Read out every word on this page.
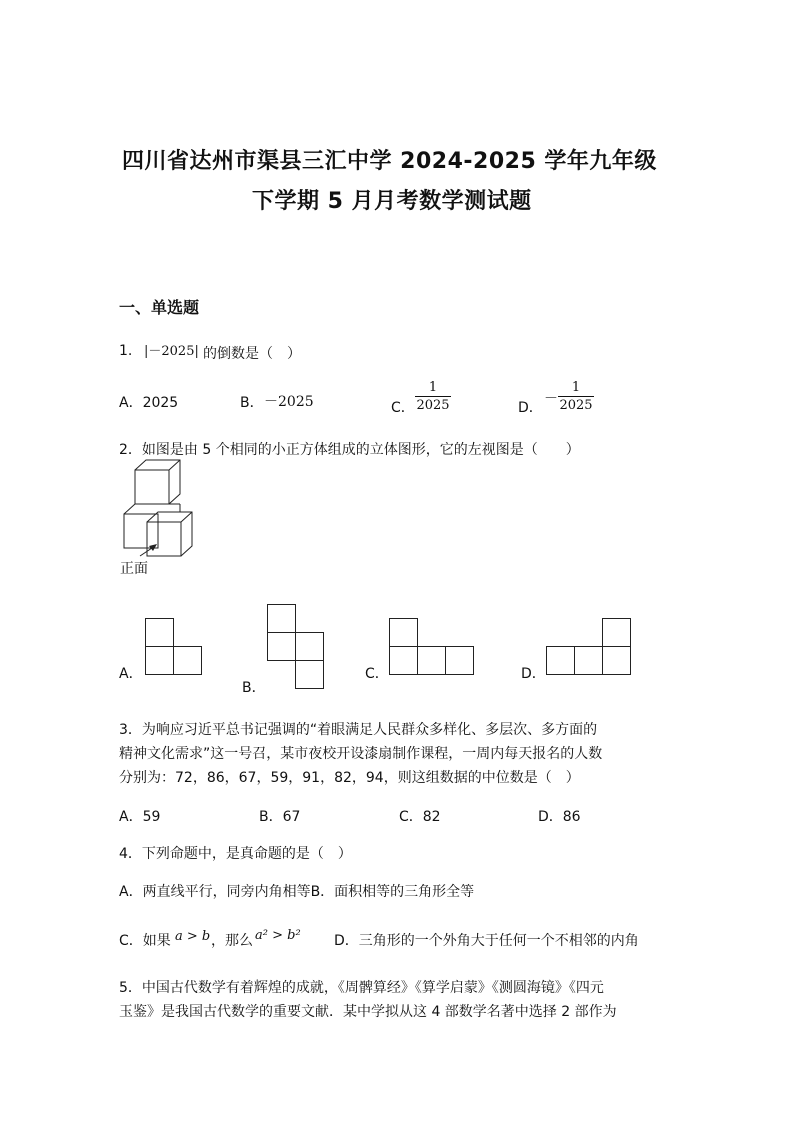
四川省达州市渠县三汇中学 2024-2025 学年九年级
下学期 5 月月考数学测试题
一、单选题
1. |－2025| 的倒数是（　）
A．2025	B． －2025	C．
1
2025	D．
－
1
2025
2．如图是由 5 个相同的小正方体组成的立体图形，它的左视图是（　　）
正面
A．
B．
C．	D．
3．为响应习近平总书记强调的“着眼满足人民群众多样化、多层次、多方面的
精神文化需求”这一号召，某市夜校开设漆扇制作课程，一周内每天报名的人数
分别为：72，86，67，59，91，82，94，则这组数据的中位数是（　）
A．59	B．67	C．82	D．86
4．下列命题中，是真命题的是（　）
A．两直线平行，同旁内角相等B．面积相等的三角形全等
C．如果 a > b ，那么 a² > b² D．三角形的一个外角大于任何一个不相邻的内角
5．中国古代数学有着辉煌的成就，《周髀算经》《算学启蒙》《测圆海镜》《四元
玉鉴》是我国古代数学的重要文献．某中学拟从这 4 部数学名著中选择 2 部作为
